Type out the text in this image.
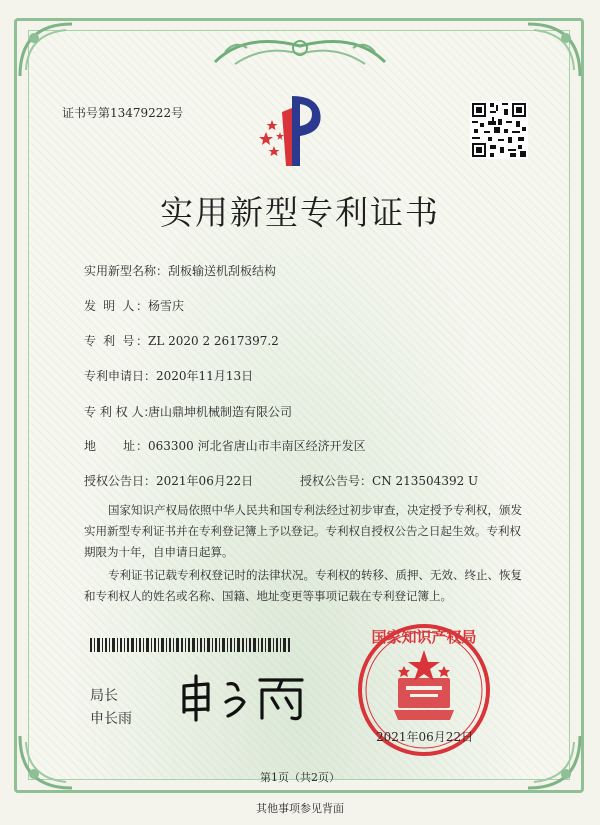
证书号第13479222号
实用新型专利证书
实用新型名称：刮板输送机刮板结构
发 明 人：杨雪庆
专 利 号：ZL 2020 2 2617397.2
专利申请日：2020年11月13日
专 利 权 人：唐山鼎坤机械制造有限公司
地　　址：063300 河北省唐山市丰南区经济开发区
授权公告日：2021年06月22日	授权公告号：CN 213504392 U
国家知识产权局依照中华人民共和国专利法经过初步审查，决定授予专利权，颁发实用新型专利证书并在专利登记簿上予以登记。专利权自授权公告之日起生效。专利权期限为十年，自申请日起算。
专利证书记载专利权登记时的法律状况。专利权的转移、质押、无效、终止、恢复和专利权人的姓名或名称、国籍、地址变更等事项记载在专利登记簿上。
局长
申长雨
国家知识产权局
2021年06月22日
第1页（共2页）
其他事项参见背面
